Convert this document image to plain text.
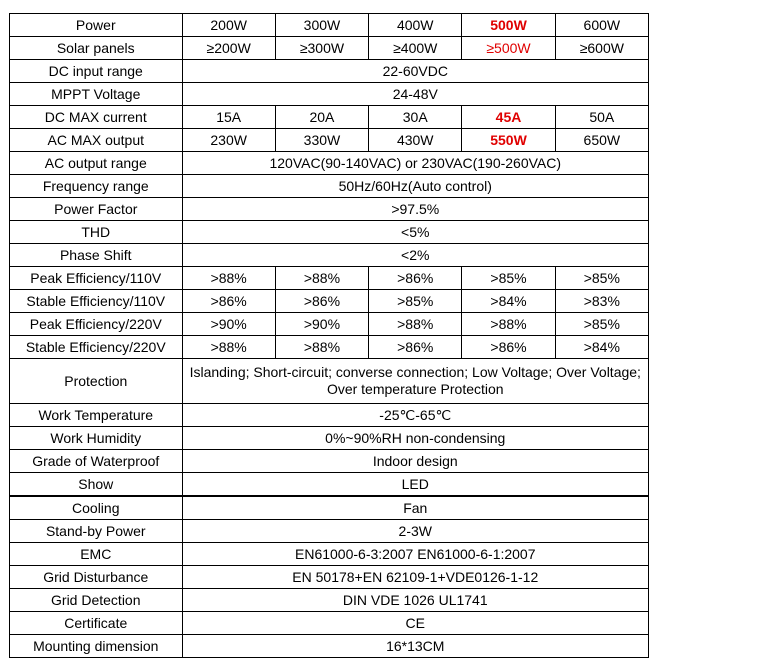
Power	200W	300W	400W	500W	600W
Solar panels	≥200W	≥300W	≥400W	≥500W	≥600W
DC input range	22-60VDC				
MPPT Voltage	24-48V				
DC MAX current	15A	20A	30A	45A	50A
AC MAX output	230W	330W	430W	550W	650W
AC output range	120VAC(90-140VAC) or 230VAC(190-260VAC)				
Frequency range	50Hz/60Hz(Auto control)				
Power Factor	>97.5%				
THD	<5%				
Phase Shift	<2%				
Peak Efficiency/110V	>88%	>88%	>86%	>85%	>85%
Stable Efficiency/110V	>86%	>86%	>85%	>84%	>83%
Peak Efficiency/220V	>90%	>90%	>88%	>88%	>85%
Stable Efficiency/220V	>88%	>88%	>86%	>86%	>84%
Protection	Islanding; Short-circuit; converse connection; Low Voltage; Over Voltage; Over temperature Protection				
Work Temperature	-25℃-65℃				
Work Humidity	0%~90%RH non-condensing				
Grade of Waterproof	Indoor design				
Show	LED				
Cooling	Fan				
Stand-by Power	2-3W				
EMC	EN61000-6-3:2007 EN61000-6-1:2007				
Grid Disturbance	EN 50178+EN 62109-1+VDE0126-1-12				
Grid Detection	DIN VDE 1026 UL1741				
Certificate	CE				
Mounting dimension	16*13CM				
